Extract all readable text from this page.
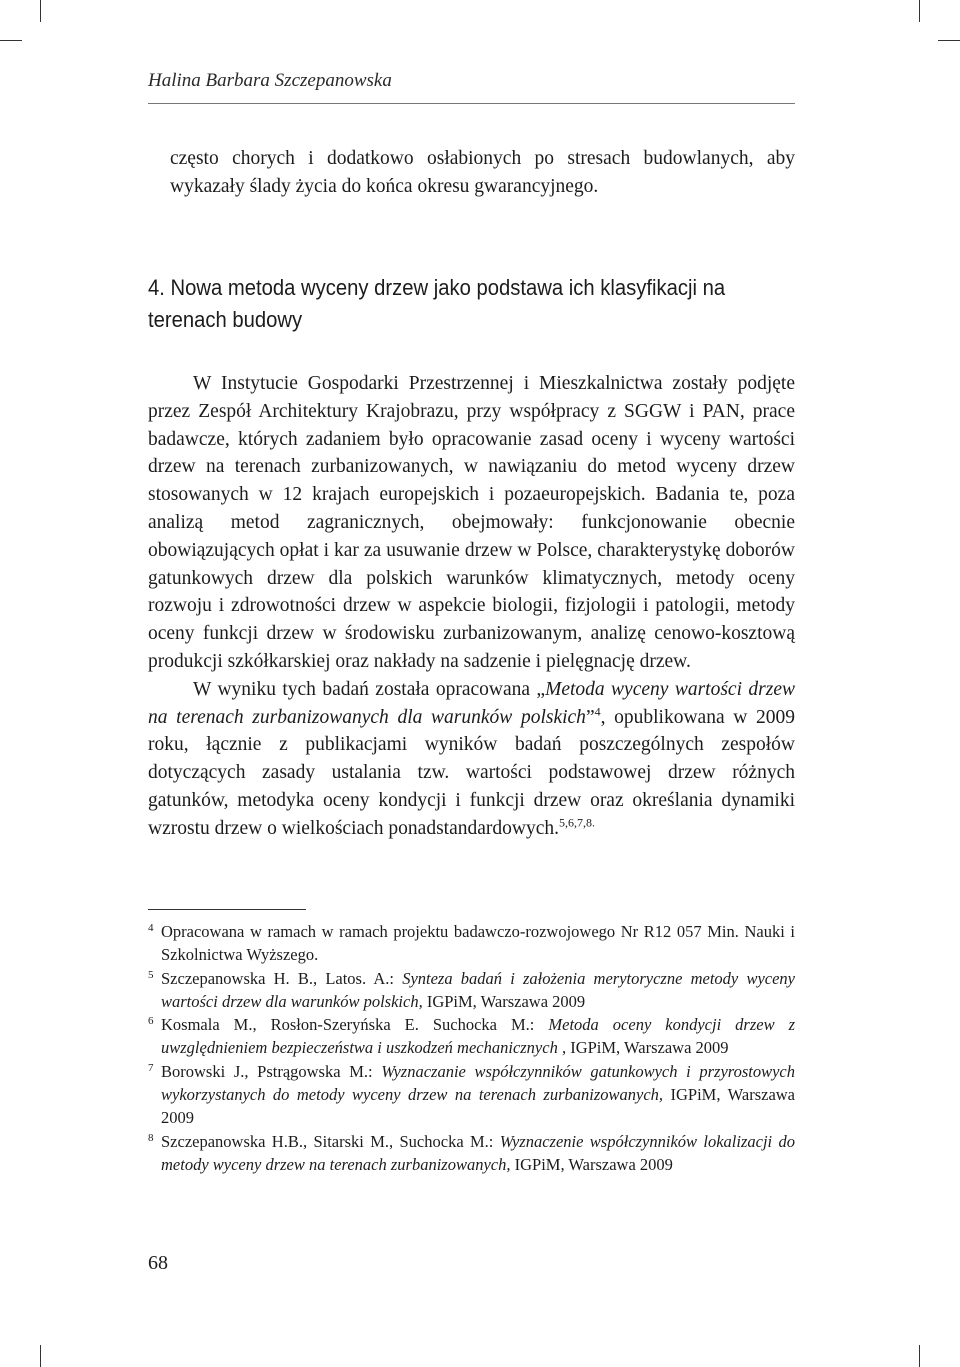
Halina Barbara Szczepanowska

często chorych i dodatkowo osłabionych po stresach budowlanych, aby wykazały ślady życia do końca okresu gwarancyjnego.

4. Nowa metoda wyceny drzew jako podstawa ich klasyfikacji na terenach budowy

W Instytucie Gospodarki Przestrzennej i Mieszkalnictwa zostały podjęte przez Zespół Architektury Krajobrazu, przy współpracy z SGGW i PAN, prace badawcze, których zadaniem było opracowanie zasad oceny i wyceny wartości drzew na terenach zurbanizowanych, w nawiązaniu do metod wyceny drzew stosowanych w 12 krajach europejskich i pozaeuropejskich. Badania te, poza analizą metod zagranicznych, obejmowały: funkcjonowanie obecnie obowiązujących opłat i kar za usuwanie drzew w Polsce, charakterystykę doborów gatunkowych drzew dla polskich warunków klimatycznych, metody oceny rozwoju i zdrowotności drzew w aspekcie biologii, fizjologii i patologii, metody oceny funkcji drzew w środowisku zurbanizowanym, analizę cenowo-kosztową produkcji szkółkarskiej oraz nakłady na sadzenie i pielęgnację drzew.

W wyniku tych badań została opracowana „Metoda wyceny wartości drzew na terenach zurbanizowanych dla warunków polskich”$^4$, opublikowana w 2009 roku, łącznie z publikacjami wyników badań poszczególnych zespołów dotyczących zasady ustalania tzw. wartości podstawowej drzew różnych gatunków, metodyka oceny kondycji i funkcji drzew oraz określania dynamiki wzrostu drzew o wielkościach ponadstandardowych.$^{5,6,7,8.}$

4 Opracowana w ramach w ramach projektu badawczo-rozwojowego Nr R12 057 Min. Nauki i Szkolnictwa Wyższego.
5 Szczepanowska H. B., Latos. A.: Synteza badań i założenia merytoryczne metody wyceny wartości drzew dla warunków polskich, IGPiM, Warszawa 2009
6 Kosmala M., Rosłon-Szeryńska E. Suchocka M.: Metoda oceny kondycji drzew z uwzględnieniem bezpieczeństwa i uszkodzeń mechanicznych , IGPiM, Warszawa 2009
7 Borowski J., Pstrągowska M.: Wyznaczanie współczynników gatunkowych i przyrostowych wykorzystanych do metody wyceny drzew na terenach zurbanizowanych, IGPiM, Warszawa 2009
8 Szczepanowska H.B., Sitarski M., Suchocka M.: Wyznaczenie współczynników lokalizacji do metody wyceny drzew na terenach zurbanizowanych, IGPiM, Warszawa 2009
68
